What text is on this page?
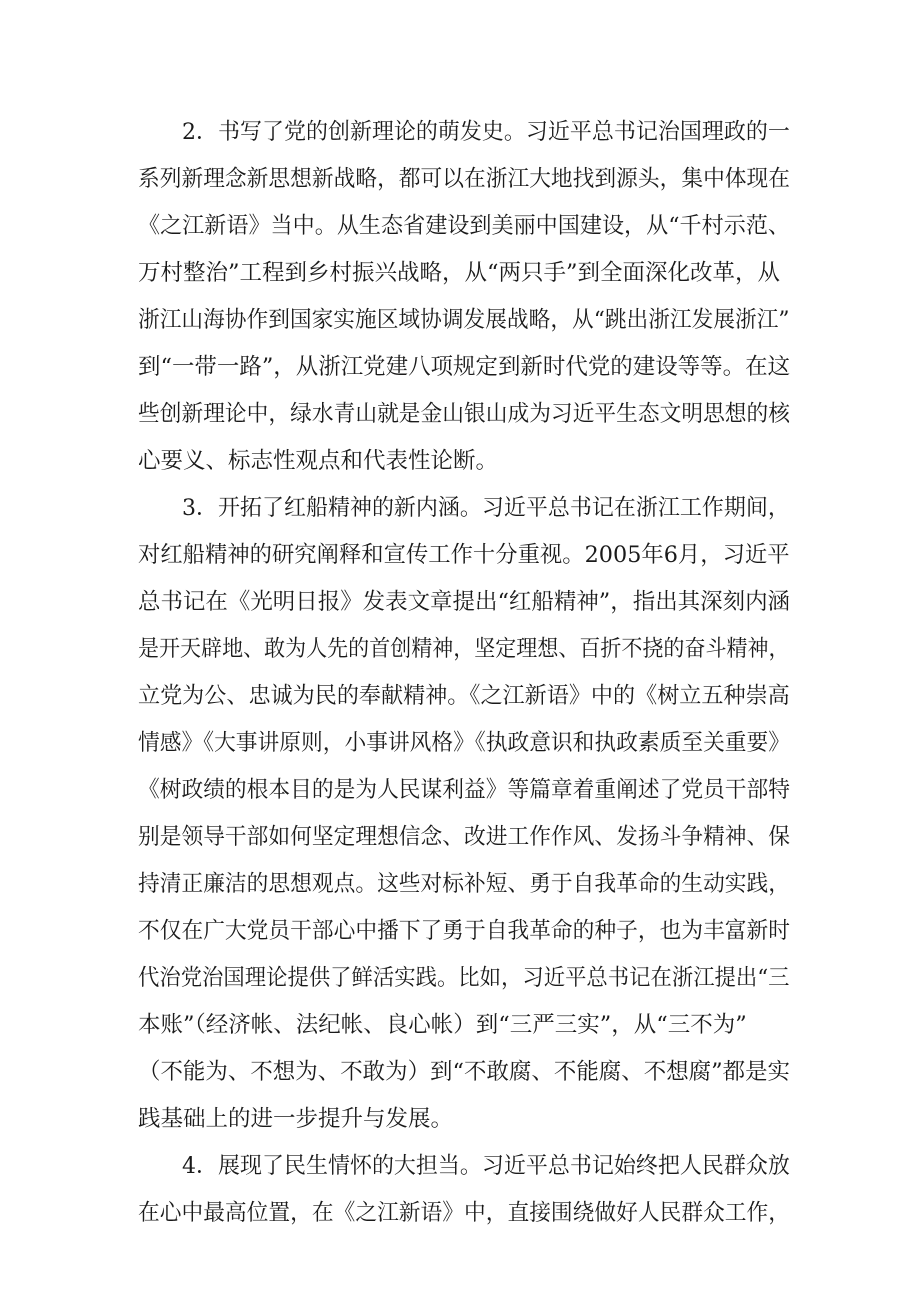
2．书写了党的创新理论的萌发史。习近平总书记治国理政的一
系列新理念新思想新战略，都可以在浙江大地找到源头，集中体现在
《之江新语》当中。从生态省建设到美丽中国建设，从“千村示范、
万村整治”工程到乡村振兴战略，从“两只手”到全面深化改革，从
浙江山海协作到国家实施区域协调发展战略，从“跳出浙江发展浙江”
到“一带一路”，从浙江党建八项规定到新时代党的建设等等。在这
些创新理论中，绿水青山就是金山银山成为习近平生态文明思想的核
心要义、标志性观点和代表性论断。
3．开拓了红船精神的新内涵。习近平总书记在浙江工作期间，
对红船精神的研究阐释和宣传工作十分重视。2005年6月，习近平
总书记在《光明日报》发表文章提出“红船精神”，指出其深刻内涵
是开天辟地、敢为人先的首创精神，坚定理想、百折不挠的奋斗精神，
立党为公、忠诚为民的奉献精神。《之江新语》中的《树立五种崇高
情感》《大事讲原则，小事讲风格》《执政意识和执政素质至关重要》
《树政绩的根本目的是为人民谋利益》等篇章着重阐述了党员干部特
别是领导干部如何坚定理想信念、改进工作作风、发扬斗争精神、保
持清正廉洁的思想观点。这些对标补短、勇于自我革命的生动实践，
不仅在广大党员干部心中播下了勇于自我革命的种子，也为丰富新时
代治党治国理论提供了鲜活实践。比如，习近平总书记在浙江提出“三
本账”（经济帐、法纪帐、良心帐）到“三严三实”，从“三不为”
（不能为、不想为、不敢为）到“不敢腐、不能腐、不想腐”都是实
践基础上的进一步提升与发展。
4．展现了民生情怀的大担当。习近平总书记始终把人民群众放
在心中最高位置，在《之江新语》中，直接围绕做好人民群众工作，
